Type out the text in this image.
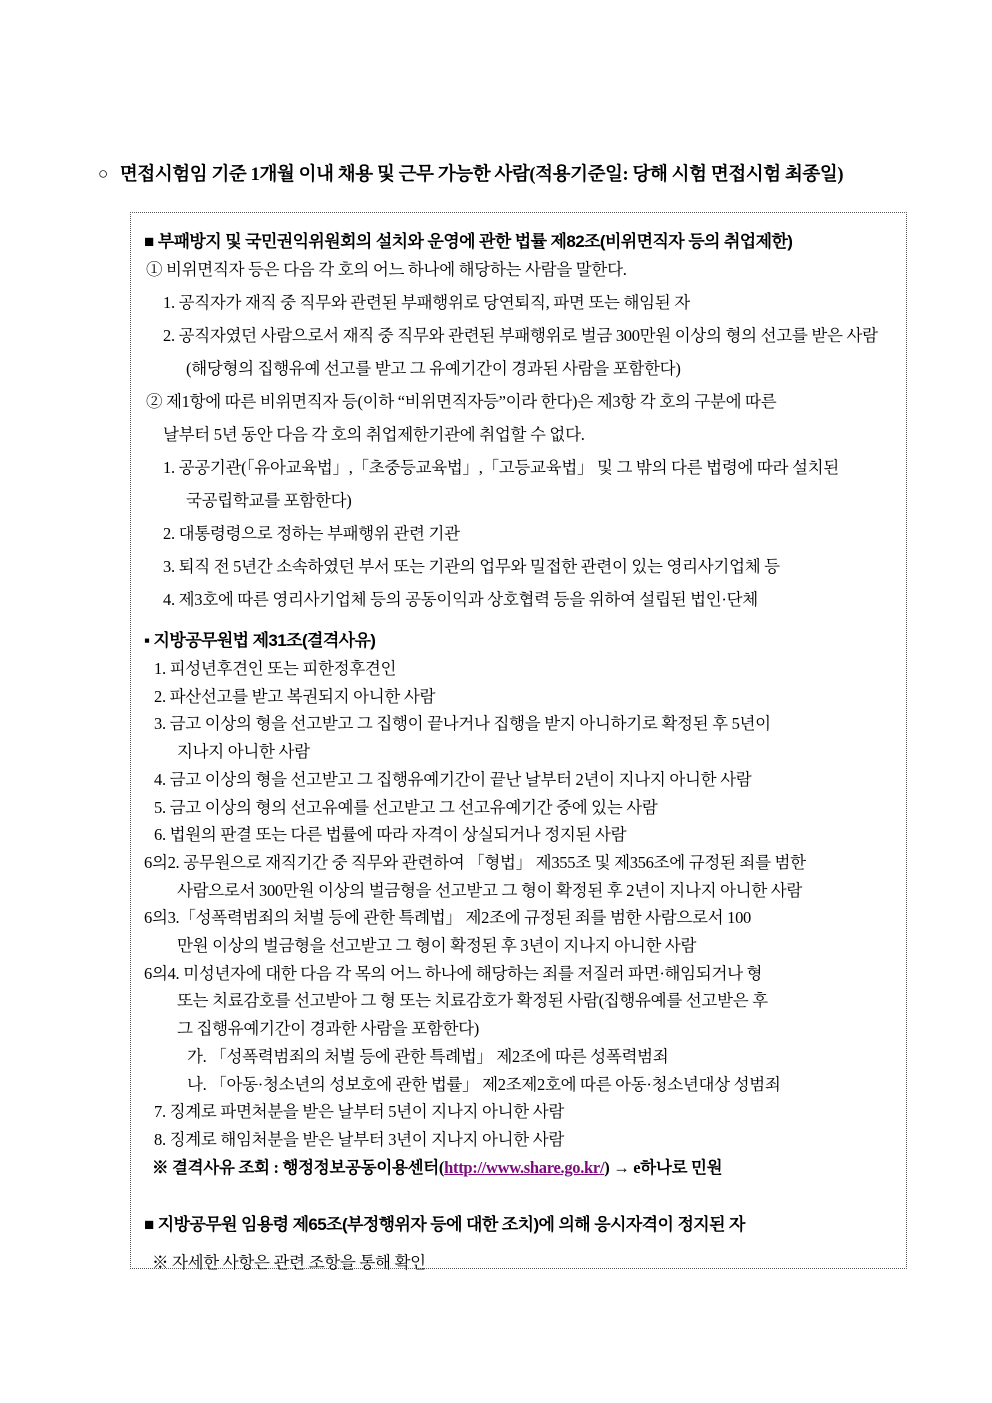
○ 면접시험임 기준 1개월 이내 채용 및 근무 가능한 사람(적용기준일: 당해 시험 면접시험 최종일)
■ 부패방지 및 국민권익위원회의 설치와 운영에 관한 법률 제82조(비위면직자 등의 취업제한)
① 비위면직자 등은 다음 각 호의 어느 하나에 해당하는 사람을 말한다.
1. 공직자가 재직 중 직무와 관련된 부패행위로 당연퇴직, 파면 또는 해임된 자
2. 공직자였던 사람으로서 재직 중 직무와 관련된 부패행위로 벌금 300만원 이상의 형의 선고를 받은 사람
(해당형의 집행유예 선고를 받고 그 유예기간이 경과된 사람을 포함한다)
② 제1항에 따른 비위면직자 등(이하 “비위면직자등”이라 한다)은 제3항 각 호의 구분에 따른
날부터 5년 동안 다음 각 호의 취업제한기관에 취업할 수 없다.
1. 공공기관(「유아교육법」,「초중등교육법」,「고등교육법」 및 그 밖의 다른 법령에 따라 설치된
국공립학교를 포함한다)
2. 대통령령으로 정하는 부패행위 관련 기관
3. 퇴직 전 5년간 소속하였던 부서 또는 기관의 업무와 밀접한 관련이 있는 영리사기업체 등
4. 제3호에 따른 영리사기업체 등의 공동이익과 상호협력 등을 위하여 설립된 법인·단체
▪ 지방공무원법 제31조(결격사유)
1. 피성년후견인 또는 피한정후견인
2. 파산선고를 받고 복권되지 아니한 사람
3. 금고 이상의 형을 선고받고 그 집행이 끝나거나 집행을 받지 아니하기로 확정된 후 5년이
지나지 아니한 사람
4. 금고 이상의 형을 선고받고 그 집행유예기간이 끝난 날부터 2년이 지나지 아니한 사람
5. 금고 이상의 형의 선고유예를 선고받고 그 선고유예기간 중에 있는 사람
6. 법원의 판결 또는 다른 법률에 따라 자격이 상실되거나 정지된 사람
6의2. 공무원으로 재직기간 중 직무와 관련하여 「형법」 제355조 및 제356조에 규정된 죄를 범한
사람으로서 300만원 이상의 벌금형을 선고받고 그 형이 확정된 후 2년이 지나지 아니한 사람
6의3.「성폭력범죄의 처벌 등에 관한 특례법」 제2조에 규정된 죄를 범한 사람으로서 100
만원 이상의 벌금형을 선고받고 그 형이 확정된 후 3년이 지나지 아니한 사람
6의4. 미성년자에 대한 다음 각 목의 어느 하나에 해당하는 죄를 저질러 파면·해임되거나 형
또는 치료감호를 선고받아 그 형 또는 치료감호가 확정된 사람(집행유예를 선고받은 후
그 집행유예기간이 경과한 사람을 포함한다)
가. 「성폭력범죄의 처벌 등에 관한 특례법」 제2조에 따른 성폭력범죄
나. 「아동·청소년의 성보호에 관한 법률」 제2조제2호에 따른 아동·청소년대상 성범죄
7. 징계로 파면처분을 받은 날부터 5년이 지나지 아니한 사람
8. 징계로 해임처분을 받은 날부터 3년이 지나지 아니한 사람
※ 결격사유 조회 : 행정정보공동이용센터(http://www.share.go.kr/) → e하나로 민원
■ 지방공무원 임용령 제65조(부정행위자 등에 대한 조치)에 의해 응시자격이 정지된 자
※ 자세한 사항은 관련 조항을 통해 확인
